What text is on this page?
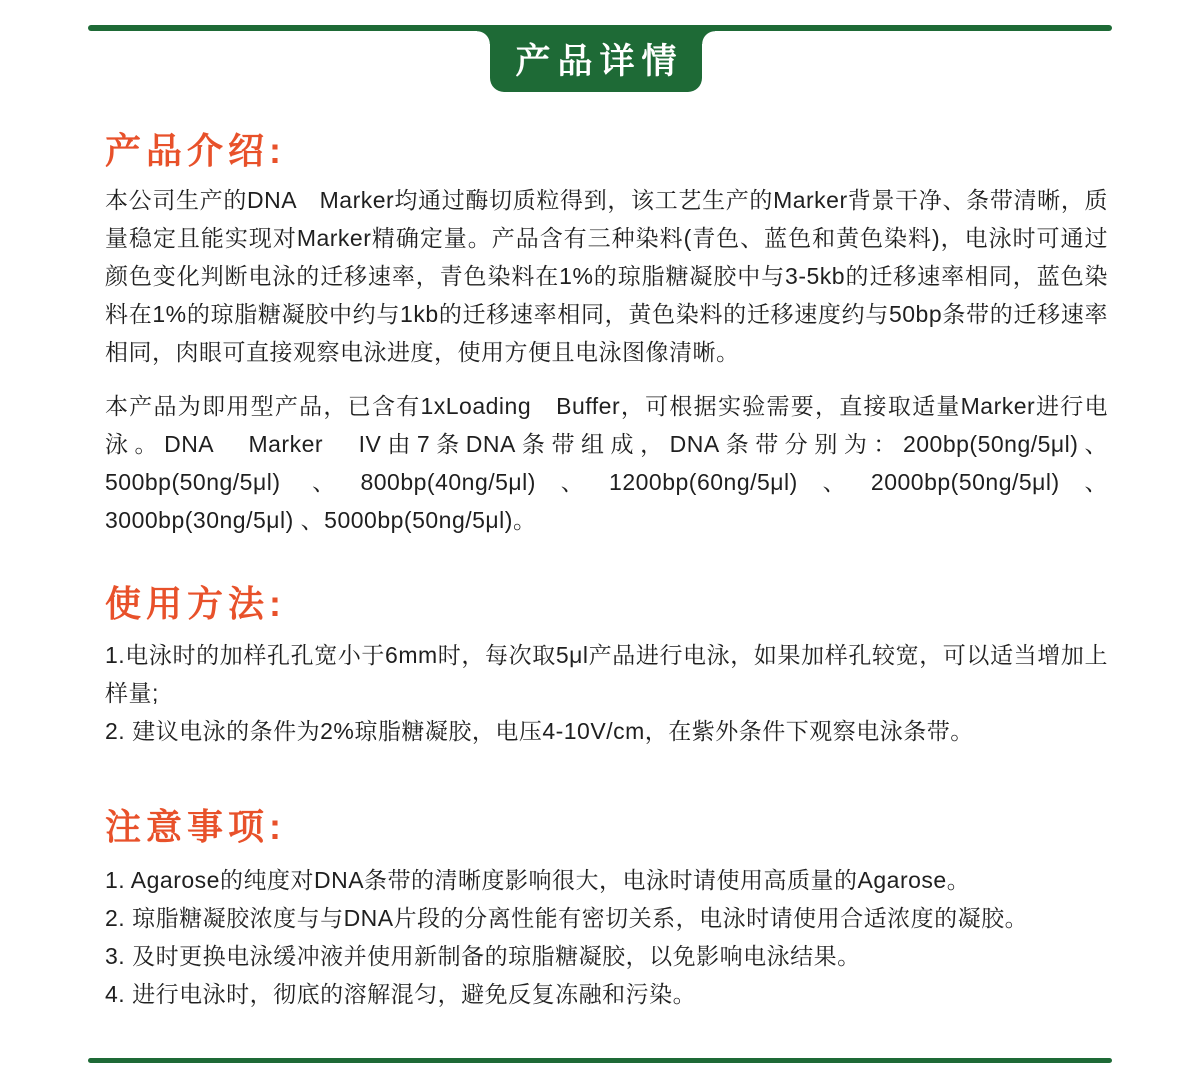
产品详情
产品介绍:

本公司生产的DNA　Marker均通过酶切质粒得到，该工艺生产的Marker背景干净、条带清晰，质量稳定且能实现对Marker精确定量。产品含有三种染料(青色、蓝色和黄色染料)，电泳时可通过颜色变化判断电泳的迁移速率，青色染料在1%的琼脂糖凝胶中与3-5kb的迁移速率相同，蓝色染料在1%的琼脂糖凝胶中约与1kb的迁移速率相同，黄色染料的迁移速度约与50bp条带的迁移速率相同，肉眼可直接观察电泳进度，使用方便且电泳图像清晰。

本产品为即用型产品，已含有1xLoading　Buffer，可根据实验需要，直接取适量Marker进行电泳。DNA　Marker　IV由7条DNA条带组成，DNA条带分别为：200bp(50ng/5μl)、500bp(50ng/5μl) 、800bp(40ng/5μl)、1200bp(60ng/5μl)、2000bp(50ng/5μl)、3000bp(30ng/5μl) 、5000bp(50ng/5μl)。

使用方法:

1.电泳时的加样孔孔宽小于6mm时，每次取5μl产品进行电泳，如果加样孔较宽，可以适当增加上样量;

2. 建议电泳的条件为2%琼脂糖凝胶，电压4-10V/cm，在紫外条件下观察电泳条带。

注意事项:

1. Agarose的纯度对DNA条带的清晰度影响很大，电泳时请使用高质量的Agarose。

2. 琼脂糖凝胶浓度与与DNA片段的分离性能有密切关系，电泳时请使用合适浓度的凝胶。

3. 及时更换电泳缓冲液并使用新制备的琼脂糖凝胶，以免影响电泳结果。

4. 进行电泳时，彻底的溶解混匀，避免反复冻融和污染。
